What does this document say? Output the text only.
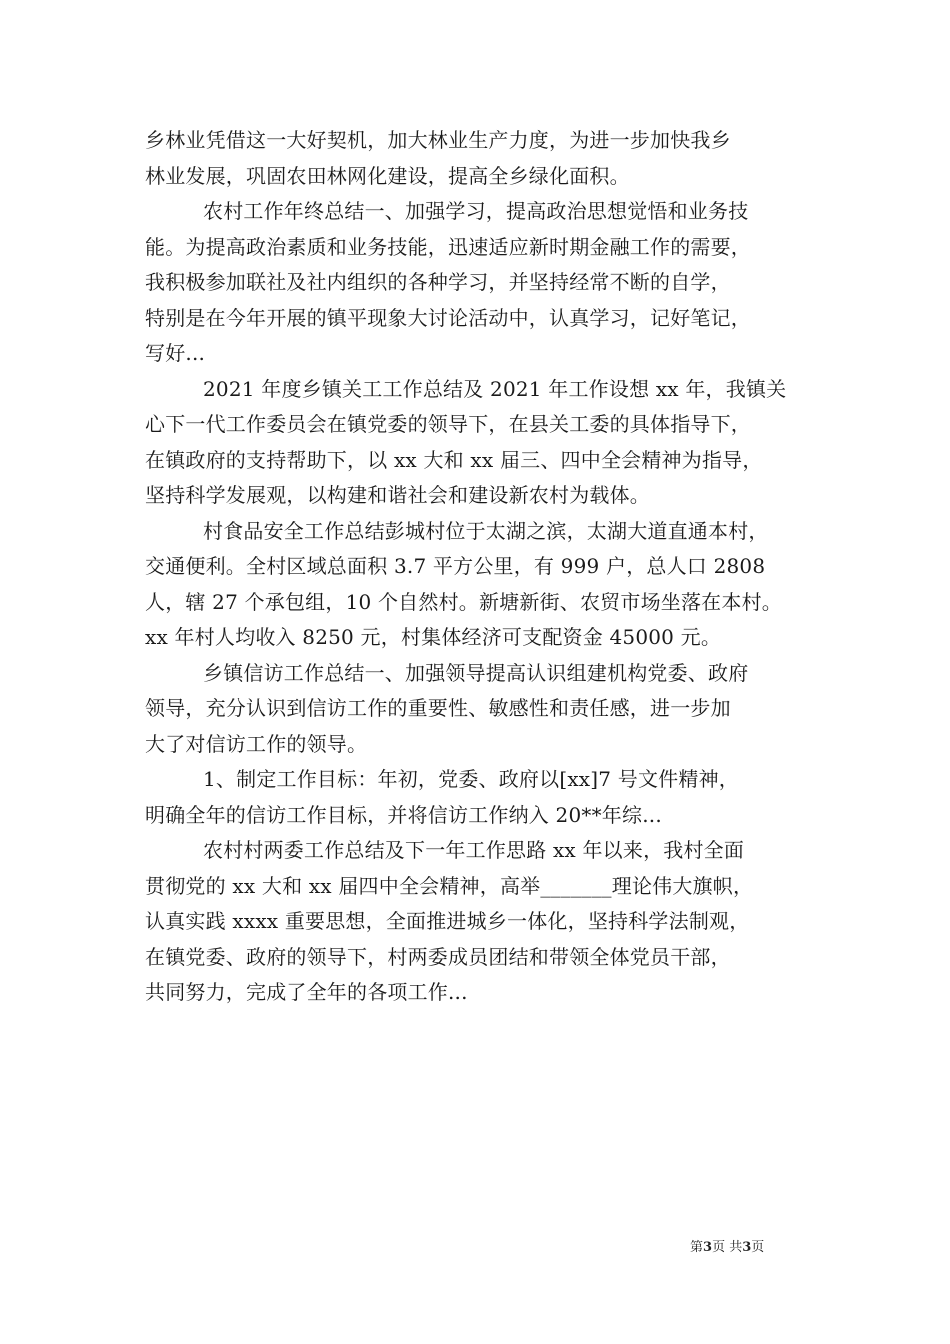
乡林业凭借这一大好契机，加大林业生产力度，为进一步加快我乡
林业发展，巩固农田林网化建设，提高全乡绿化面积。
农村工作年终总结一、加强学习，提高政治思想觉悟和业务技
能。为提高政治素质和业务技能，迅速适应新时期金融工作的需要，
我积极参加联社及社内组织的各种学习，并坚持经常不断的自学，
特别是在今年开展的镇平现象大讨论活动中，认真学习，记好笔记，
写好...
2021 年度乡镇关工工作总结及 2021 年工作设想 xx 年，我镇关
心下一代工作委员会在镇党委的领导下，在县关工委的具体指导下，
在镇政府的支持帮助下，以 xx 大和 xx 届三、四中全会精神为指导，
坚持科学发展观，以构建和谐社会和建设新农村为载体。
村食品安全工作总结彭城村位于太湖之滨，太湖大道直通本村，
交通便利。全村区域总面积 3.7 平方公里，有 999 户，总人口 2808
人，辖 27 个承包组，10 个自然村。新塘新街、农贸市场坐落在本村。
xx 年村人均收入 8250 元，村集体经济可支配资金 45000 元。
乡镇信访工作总结一、加强领导提高认识组建机构党委、政府
领导，充分认识到信访工作的重要性、敏感性和责任感，进一步加
大了对信访工作的领导。
1、制定工作目标：年初，党委、政府以[xx]7 号文件精神，
明确全年的信访工作目标，并将信访工作纳入 20**年综...
农村村两委工作总结及下一年工作思路 xx 年以来，我村全面
贯彻党的 xx 大和 xx 届四中全会精神，高举_______理论伟大旗帜，
认真实践 xxxx 重要思想，全面推进城乡一体化，坚持科学法制观，
在镇党委、政府的领导下，村两委成员团结和带领全体党员干部，
共同努力，完成了全年的各项工作...
第3页 共3页
